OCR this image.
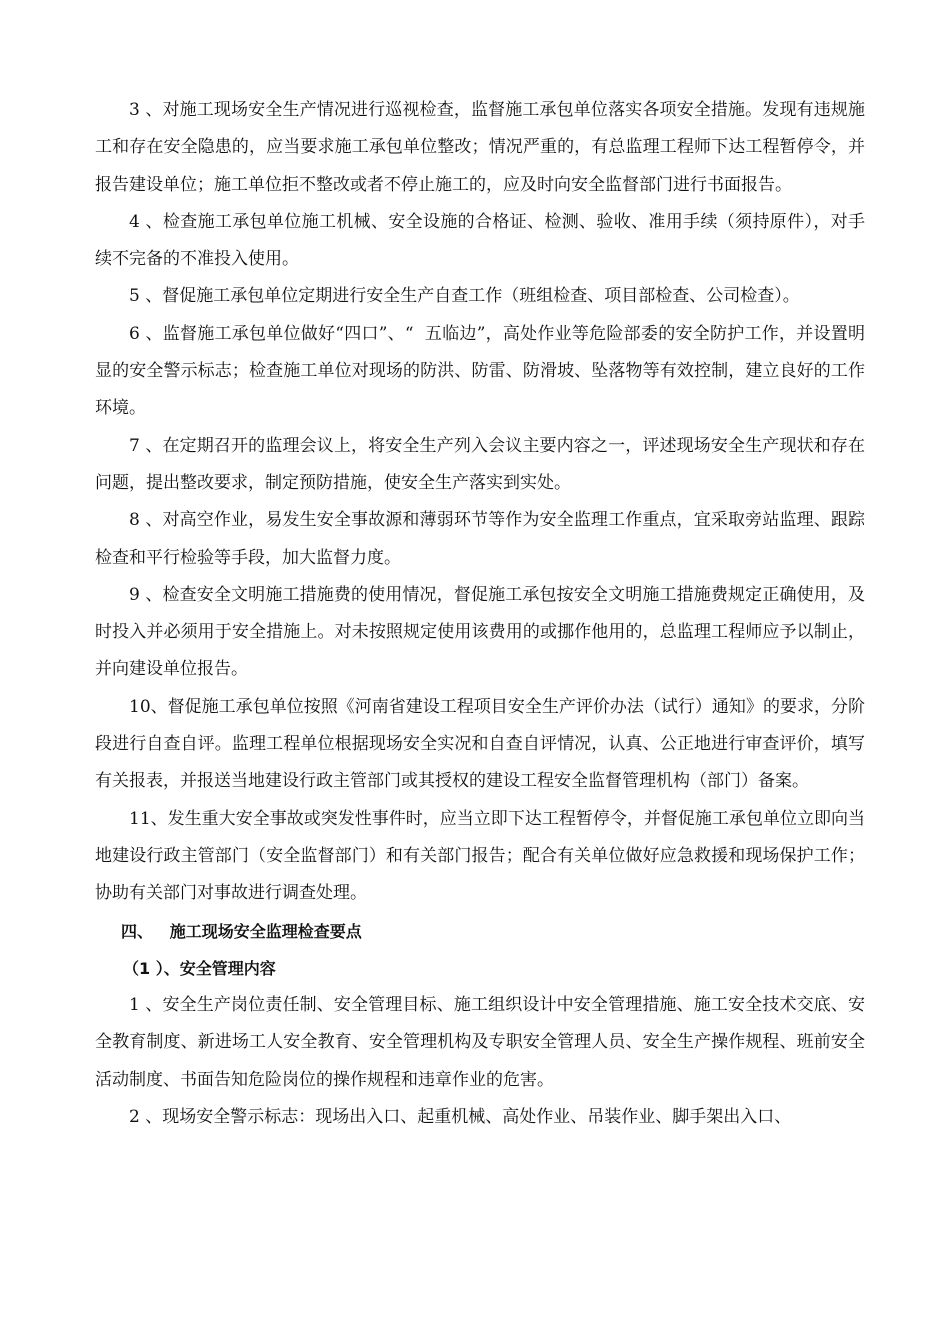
3 、对施工现场安全生产情况进行巡视检查，监督施工承包单位落实各项安全措施。发现有违规施工和存在安全隐患的，应当要求施工承包单位整改；情况严重的，有总监理工程师下达工程暂停令，并报告建设单位；施工单位拒不整改或者不停止施工的，应及时向安全监督部门进行书面报告。

4 、检查施工承包单位施工机械、安全设施的合格证、检测、验收、准用手续（须持原件），对手续不完备的不准投入使用。

5 、督促施工承包单位定期进行安全生产自查工作（班组检查、项目部检查、公司检查）。

6 、监督施工承包单位做好“四口”、“  五临边”，高处作业等危险部委的安全防护工作，并设置明显的安全警示标志；检查施工单位对现场的防洪、防雷、防滑坡、坠落物等有效控制，建立良好的工作环境。

7 、在定期召开的监理会议上，将安全生产列入会议主要内容之一，评述现场安全生产现状和存在问题，提出整改要求，制定预防措施，使安全生产落实到实处。

8 、对高空作业，易发生安全事故源和薄弱环节等作为安全监理工作重点，宜采取旁站监理、跟踪检查和平行检验等手段，加大监督力度。

9 、检查安全文明施工措施费的使用情况，督促施工承包按安全文明施工措施费规定正确使用，及时投入并必须用于安全措施上。对未按照规定使用该费用的或挪作他用的，总监理工程师应予以制止，并向建设单位报告。

10、督促施工承包单位按照《河南省建设工程项目安全生产评价办法（试行）通知》的要求，分阶段进行自查自评。监理工程单位根据现场安全实况和自查自评情况，认真、公正地进行审查评价，填写有关报表，并报送当地建设行政主管部门或其授权的建设工程安全监督管理机构（部门）备案。

11、发生重大安全事故或突发性事件时，应当立即下达工程暂停令，并督促施工承包单位立即向当地建设行政主管部门（安全监督部门）和有关部门报告；配合有关单位做好应急救援和现场保护工作；协助有关部门对事故进行调查处理。

四、   施工现场安全监理检查要点

（1 ）、安全管理内容

1 、安全生产岗位责任制、安全管理目标、施工组织设计中安全管理措施、施工安全技术交底、安全教育制度、新进场工人安全教育、安全管理机构及专职安全管理人员、安全生产操作规程、班前安全活动制度、书面告知危险岗位的操作规程和违章作业的危害。

2 、现场安全警示标志：现场出入口、起重机械、高处作业、吊装作业、脚手架出入口、
